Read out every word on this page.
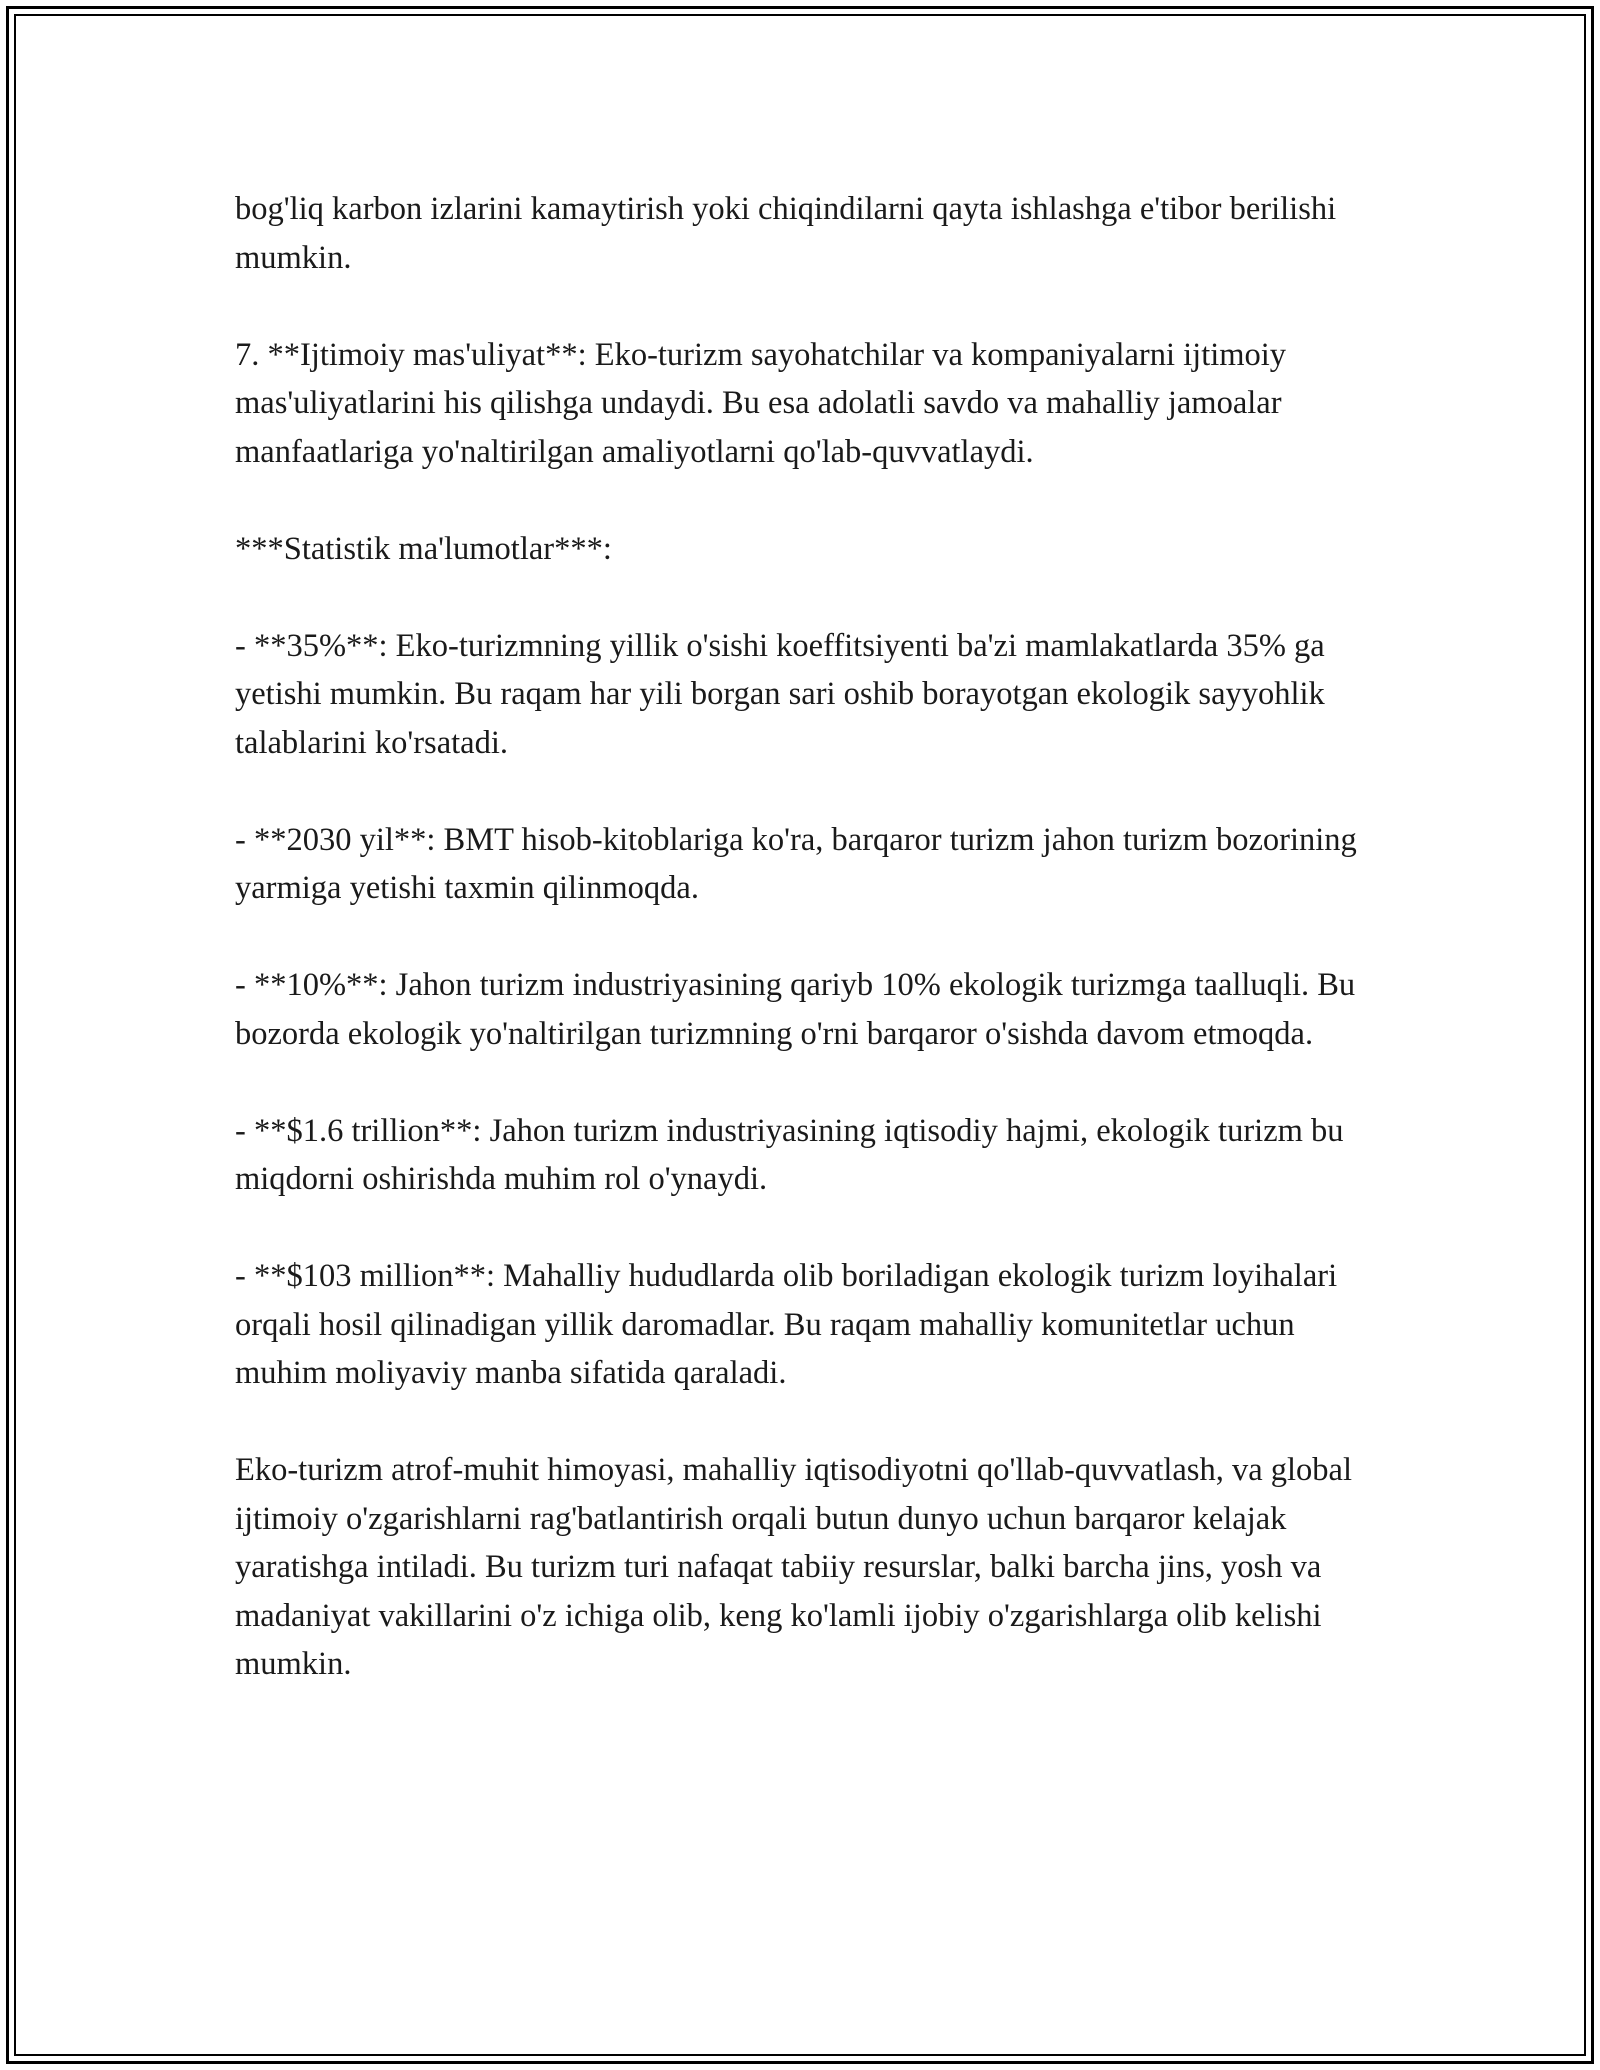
bog'liq karbon izlarini kamaytirish yoki chiqindilarni qayta ishlashga e'tibor berilishi mumkin.

7. **Ijtimoiy mas'uliyat**: Eko-turizm sayohatchilar va kompaniyalarni ijtimoiy mas'uliyatlarini his qilishga undaydi. Bu esa adolatli savdo va mahalliy jamoalar manfaatlariga yo'naltirilgan amaliyotlarni qo'lab-quvvatlaydi.

***Statistik ma'lumotlar***:

- **35%**: Eko-turizmning yillik o'sishi koeffitsiyenti ba'zi mamlakatlarda 35% ga yetishi mumkin. Bu raqam har yili borgan sari oshib borayotgan ekologik sayyohlik talablarini ko'rsatadi.

- **2030 yil**: BMT hisob-kitoblariga ko'ra, barqaror turizm jahon turizm bozorining yarmiga yetishi taxmin qilinmoqda.

- **10%**: Jahon turizm industriyasining qariyb 10% ekologik turizmga taalluqli. Bu bozorda ekologik yo'naltirilgan turizmning o'rni barqaror o'sishda davom etmoqda.

- **$1.6 trillion**: Jahon turizm industriyasining iqtisodiy hajmi, ekologik turizm bu miqdorni oshirishda muhim rol o'ynaydi.

- **$103 million**: Mahalliy hududlarda olib boriladigan ekologik turizm loyihalari orqali hosil qilinadigan yillik daromadlar. Bu raqam mahalliy komunitetlar uchun muhim moliyaviy manba sifatida qaraladi.

Eko-turizm atrof-muhit himoyasi, mahalliy iqtisodiyotni qo'llab-quvvatlash, va global ijtimoiy o'zgarishlarni rag'batlantirish orqali butun dunyo uchun barqaror kelajak yaratishga intiladi. Bu turizm turi nafaqat tabiiy resurslar, balki barcha jins, yosh va madaniyat vakillarini o'z ichiga olib, keng ko'lamli ijobiy o'zgarishlarga olib kelishi mumkin.
